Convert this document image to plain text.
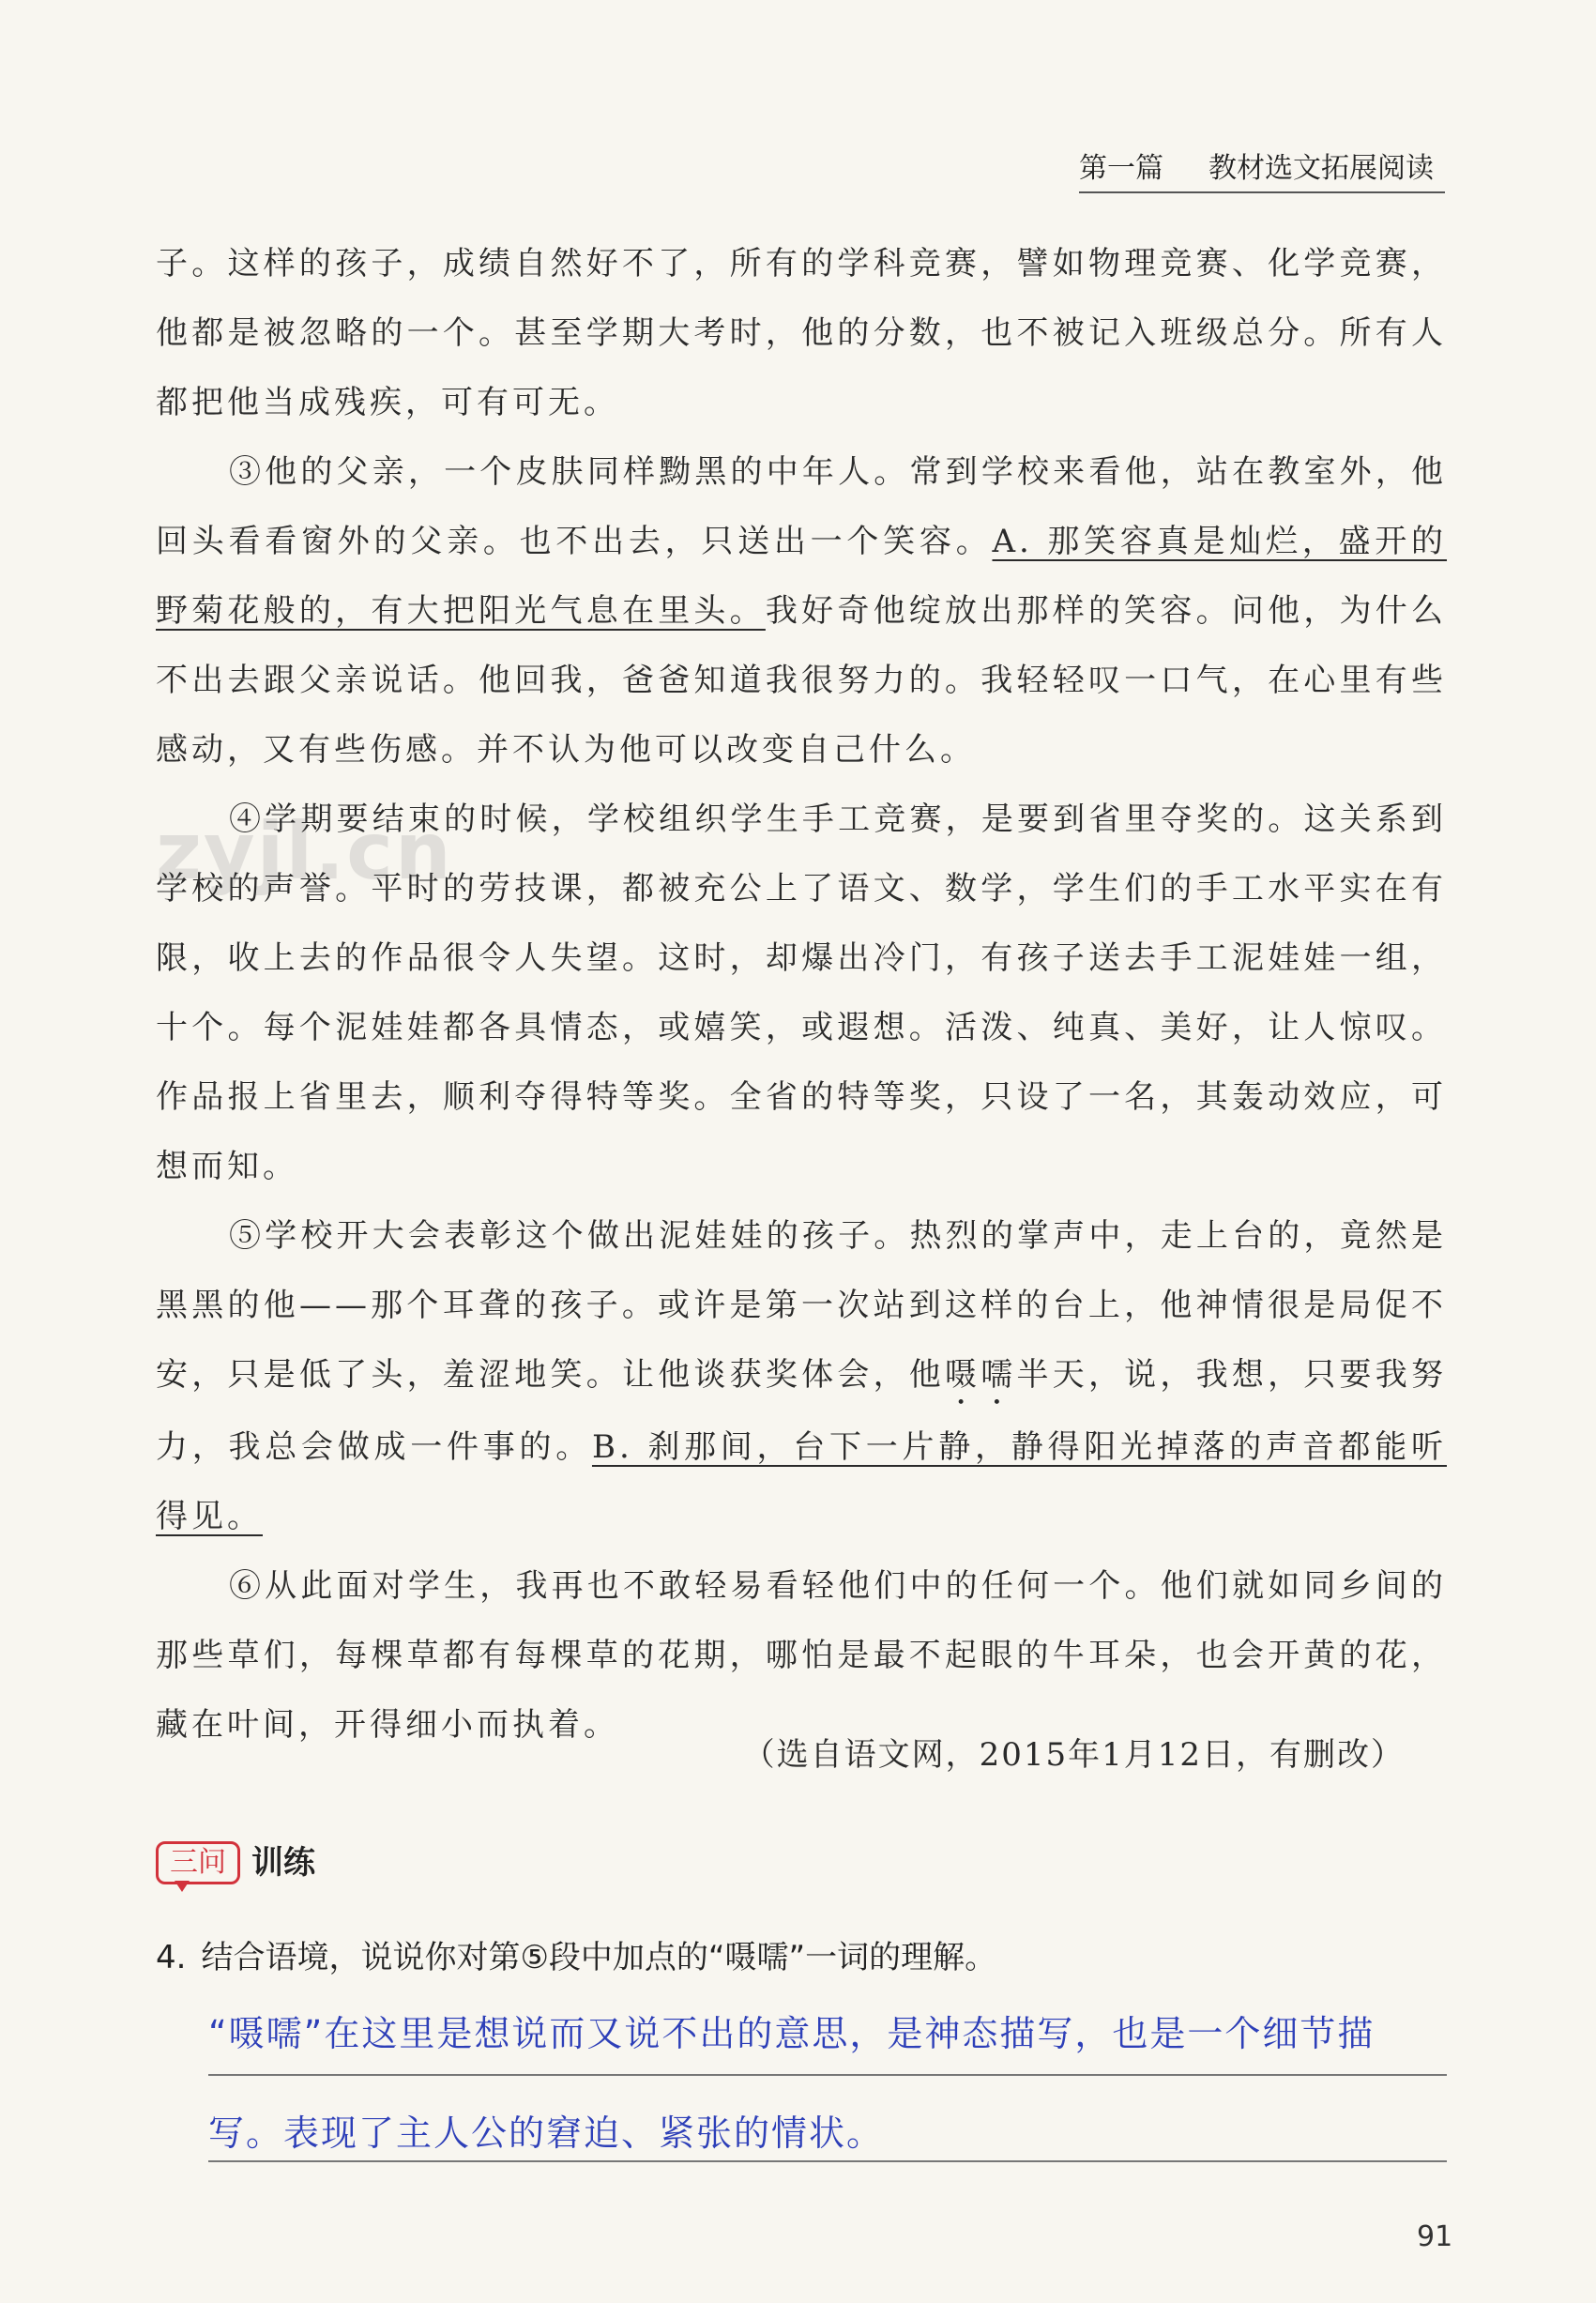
第一篇 教材选文拓展阅读
zyjl.cn

子。这样的孩子，成绩自然好不了，所有的学科竞赛，譬如物理竞赛、化学竞赛，他都是被忽略的一个。甚至学期大考时，他的分数，也不被记入班级总分。所有人都把他当成残疾，可有可无。

③他的父亲，一个皮肤同样黝黑的中年人。常到学校来看他，站在教室外，他回头看看窗外的父亲。也不出去，只送出一个笑容。A. 那笑容真是灿烂，盛开的野菊花般的，有大把阳光气息在里头。我好奇他绽放出那样的笑容。问他，为什么不出去跟父亲说话。他回我，爸爸知道我很努力的。我轻轻叹一口气，在心里有些感动，又有些伤感。并不认为他可以改变自己什么。

④学期要结束的时候，学校组织学生手工竞赛，是要到省里夺奖的。这关系到学校的声誉。平时的劳技课，都被充公上了语文、数学，学生们的手工水平实在有限，收上去的作品很令人失望。这时，却爆出冷门，有孩子送去手工泥娃娃一组，十个。每个泥娃娃都各具情态，或嬉笑，或遐想。活泼、纯真、美好，让人惊叹。作品报上省里去，顺利夺得特等奖。全省的特等奖，只设了一名，其轰动效应，可想而知。

⑤学校开大会表彰这个做出泥娃娃的孩子。热烈的掌声中，走上台的，竟然是黑黑的他——那个耳聋的孩子。或许是第一次站到这样的台上，他神情很是局促不安，只是低了头，羞涩地笑。让他谈获奖体会，他嗫嚅半天，说，我想，只要我努力，我总会做成一件事的。B. 刹那间，台下一片静，静得阳光掉落的声音都能听得见。

⑥从此面对学生，我再也不敢轻易看轻他们中的任何一个。他们就如同乡间的那些草们，每棵草都有每棵草的花期，哪怕是最不起眼的牛耳朵，也会开黄的花，藏在叶间，开得细小而执着。

（选自语文网，2015年1月12日，有删改）
三问 训练
4. 结合语境，说说你对第⑤段中加点的“嗫嚅”一词的理解。
“嗫嚅”在这里是想说而又说不出的意思，是神态描写，也是一个细节描
写。表现了主人公的窘迫、紧张的情状。
91
